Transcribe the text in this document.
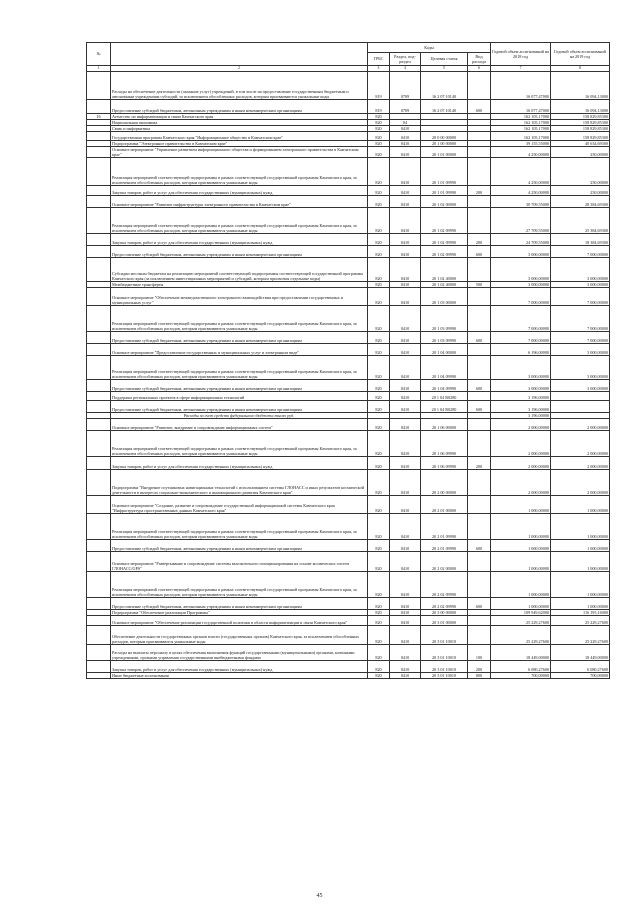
№		Коды				Годовой объем ассигнований на 2018 год	Годовой объем ассигнований на 2019 год
		ГРБС	Раздел, под-раздел	Целевая статья	Вид расхода		
1	2	3	4	5	6	7	8
	Расходы на обеспечение деятельности (оказание услуг) учреждений, в том числе на предоставление государственным бюджетным и автономным учреждениям субсидий, за исключением обособленных расходов, которым присваиваются уникальные коды	819	0709	16 2 07 10140		16 077,47000	16 094,13000
	Предоставление субсидий бюджетным, автономным учреждениям и иным некоммерческим организациям	819	0709	16 2 07 10140	600	16 077,47000	16 094,13000
16	Агентство по информатизации и связи Камчатского края	820				162 105,17000	158 829,85300
	Национальная экономика	820	04			162 105,17000	158 829,85300
	Связь и информатика	820	0410			162 105,17000	158 829,85300
	Государственная программа Камчатского края "Информационное общество в Камчатском крае"	820	0410	20 0 00 00000		162 105,17000	158 829,85300
	Подпрограмма "Электронное правительство в Камчатском крае"	820	0410	20 1 00 00000		39 155,55000	40 634,69300
	Основное мероприятие "Управление развитием информационного общества и формированием электронного правительства в Камчатском крае"	820	0410	20 1 01 00000		4 250,00000	250,00000
	Реализация мероприятий соответствующей подпрограммы в рамках соответствующей государственной программы Камчатского края, за исключением обособленных расходов, которым присваиваются уникальные коды	820	0410	20 1 01 09990		4 250,00000	250,00000
	Закупка товаров, работ и услуг для обеспечения государственных (муниципальных) нужд	820	0410	20 1 01 09990	200	4 250,00000	250,00000
	Основное мероприятие "Развитие инфраструктуры электронного правительства в Камчатском крае"	820	0410	20 1 02 00000		30 709,55000	28 384,69300
	Реализация мероприятий соответствующей подпрограммы в рамках соответствующей государственной программы Камчатского края, за исключением обособленных расходов, которым присваиваются уникальные коды	820	0410	20 1 02 09990		27 709,55000	25 384,69300
	Закупка товаров, работ и услуг для обеспечения государственных (муниципальных) нужд	820	0410	20 1 02 09990	200	24 709,55000	18 384,69300
	Предоставление субсидий бюджетным, автономным учреждениям и иным некоммерческим организациям	820	0410	20 1 02 09990	600	3 000,00000	7 000,00000
	Субсидии местным бюджетам на реализацию мероприятий соответствующей подпрограммы соответствующей государственной программы Камчатского края (за исключением инвестиционных мероприятий и субсидий, которым присвоены отдельные коды)	820	0410	20 1 02 40000		3 000,00000	3 000,00000
	Межбюджетные трансферты	820	0410	20 1 02 40000	500	3 000,00000	3 000,00000
	Основное мероприятие "Обеспечение межведомственного электронного взаимодействия при предоставлении государственных и муниципальных услуг"	820	0410	20 1 03 00000		7 000,00000	7 000,00000
	Реализация мероприятий соответствующей подпрограммы в рамках соответствующей государственной программы Камчатского края, за исключением обособленных расходов, которым присваиваются уникальные коды	820	0410	20 1 03 09990		7 000,00000	7 000,00000
	Предоставление субсидий бюджетным, автономным учреждениям и иным некоммерческим организациям	820	0410	20 1 03 09990	600	7 000,00000	7 000,00000
	Основное мероприятие "Предоставление государственных и муниципальных услуг в электронном виде"	820	0410	20 1 04 00000		6 196,00000	3 000,00000
	Реализация мероприятий соответствующей подпрограммы в рамках соответствующей государственной программы Камчатского края, за исключением обособленных расходов, которым присваиваются уникальные коды	820	0410	20 1 04 09990		3 000,00000	3 000,00000
	Предоставление субсидий бюджетным, автономным учреждениям и иным некоммерческим организациям	820	0410	20 1 04 09990	600	3 000,00000	3 000,00000
	Поддержка региональных проектов в сфере информационных технологий	820	0410	20 1 04 R0280		3 196,00000	
	Предоставление субсидий бюджетным, автономным учреждениям и иным некоммерческим организациям	820	0410	20 1 04 R0280	600	3 196,00000	
	Расходы за счет средств федерального бюджета тысяч руб.					3 196,00000	
	Основное мероприятие "Развитие, внедрение и сопровождение информационных систем"	820	0410	20 1 06 00000		2 000,00000	2 000,00000
	Реализация мероприятий соответствующей подпрограммы в рамках соответствующей государственной программы Камчатского края, за исключением обособленных расходов, которым присваиваются уникальные коды	820	0410	20 1 06 09990		2 000,00000	2 000,00000
	Закупка товаров, работ и услуг для обеспечения государственных (муниципальных) нужд	820	0410	20 1 06 09990	200	2 000,00000	2 000,00000
	Подпрограмма "Внедрение спутниковых навигационных технологий с использованием системы ГЛОНАСС и иных результатов космической деятельности в интересах социально-экономического и инновационного развития Камчатского края"	820	0410	20 2 00 00000		2 000,00000	2 000,00000
	Основное мероприятие "Создание, развитие и сопровождение государственной информационной системы Камчатского края "Инфраструктура пространственных данных Камчатского края"	820	0410	20 2 01 00000		1 000,00000	1 000,00000
	Реализация мероприятий соответствующей подпрограммы в рамках соответствующей государственной программы Камчатского края, за исключением обособленных расходов, которым присваиваются уникальные коды	820	0410	20 2 01 09990		1 000,00000	1 000,00000
	Предоставление субсидий бюджетным, автономным учреждениям и иным некоммерческим организациям	820	0410	20 2 01 09990	600	1 000,00000	1 000,00000
	Основное мероприятие "Развертывание и сопровождение системы высокоточного позиционирования на основе космических систем ГЛОНАСС/GPS"	820	0410	20 2 02 00000		1 000,00000	1 000,00000
	Реализация мероприятий соответствующей подпрограммы в рамках соответствующей государственной программы Камчатского края, за исключением обособленных расходов, которым присваиваются уникальные коды	820	0410	20 2 02 09990		1 000,00000	1 000,00000
	Предоставление субсидий бюджетным, автономным учреждениям и иным некоммерческим организациям	820	0410	20 2 02 09990	600	1 000,00000	1 000,00000
	Подпрограмма "Обеспечение реализации Программы"	820	0410	20 3 00 00000		109 949,62000	116 195,16000
	Основное мероприятие "Обеспечение реализации государственной политики в области информатизации и связи Камчатского края"	820	0410	20 3 01 00000		25 229,27600	25 229,27600
	Обеспечение деятельности государственных органов власти (государственных органов) Камчатского края, за исключением обособленных расходов, которым присваиваются уникальные коды	820	0410	20 3 01 10010		25 229,27600	25 229,27600
	Расходы на выплаты персоналу в целях обеспечения выполнения функций государственными (муниципальными) органами, казенными учреждениями, органами управления государственными внебюджетными фондами	820	0410	20 3 01 10010	100	18 449,00000	18 449,00000
	Закупка товаров, работ и услуг для обеспечения государственных (муниципальных) нужд	820	0410	20 3 01 10010	200	6 080,27600	6 080,27600
	Иные бюджетные ассигнования	820	0410	20 3 01 10010	800	700,00000	700,00000
45
